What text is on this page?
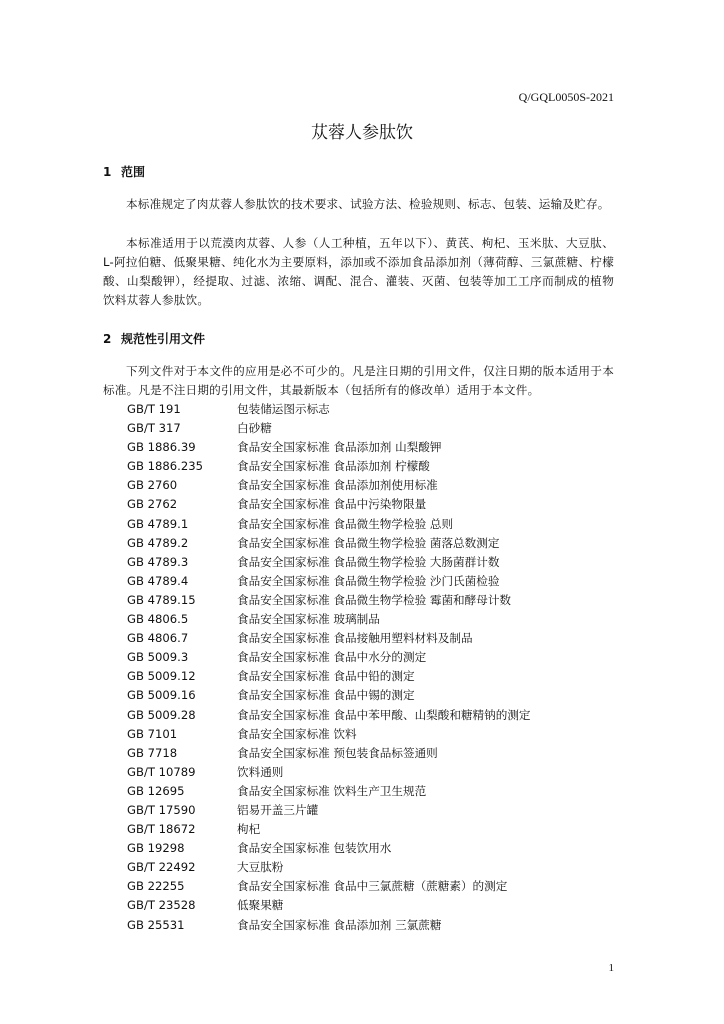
Q/GQL0050S-2021
苁蓉人参肽饮
1 范围
本标准规定了肉苁蓉人参肽饮的技术要求、试验方法、检验规则、标志、包装、运输及贮存。
本标准适用于以荒漠肉苁蓉、人参（人工种植，五年以下）、黄芪、枸杞、玉米肽、大豆肽、L-阿拉伯糖、低聚果糖、纯化水为主要原料，添加或不添加食品添加剂（薄荷醇、三氯蔗糖、柠檬酸、山梨酸钾），经提取、过滤、浓缩、调配、混合、灌装、灭菌、包装等加工工序而制成的植物饮料苁蓉人参肽饮。
2 规范性引用文件
下列文件对于本文件的应用是必不可少的。凡是注日期的引用文件，仅注日期的版本适用于本标准。凡是不注日期的引用文件，其最新版本（包括所有的修改单）适用于本文件。
GB/T 191	包装储运图示标志
GB/T 317	白砂糖
GB 1886.39	食品安全国家标准 食品添加剂 山梨酸钾
GB 1886.235	食品安全国家标准 食品添加剂 柠檬酸
GB 2760	食品安全国家标准 食品添加剂使用标准
GB 2762	食品安全国家标准 食品中污染物限量
GB 4789.1	食品安全国家标准 食品微生物学检验 总则
GB 4789.2	食品安全国家标准 食品微生物学检验 菌落总数测定
GB 4789.3	食品安全国家标准 食品微生物学检验 大肠菌群计数
GB 4789.4	食品安全国家标准 食品微生物学检验 沙门氏菌检验
GB 4789.15	食品安全国家标准 食品微生物学检验 霉菌和酵母计数
GB 4806.5	食品安全国家标准 玻璃制品
GB 4806.7	食品安全国家标准 食品接触用塑料材料及制品
GB 5009.3	食品安全国家标准 食品中水分的测定
GB 5009.12	食品安全国家标准 食品中铅的测定
GB 5009.16	食品安全国家标准 食品中锡的测定
GB 5009.28	食品安全国家标准 食品中苯甲酸、山梨酸和糖精钠的测定
GB 7101	食品安全国家标准 饮料
GB 7718	食品安全国家标准 预包装食品标签通则
GB/T 10789	饮料通则
GB 12695	食品安全国家标准 饮料生产卫生规范
GB/T 17590	铝易开盖三片罐
GB/T 18672	枸杞
GB 19298	食品安全国家标准 包装饮用水
GB/T 22492	大豆肽粉
GB 22255	食品安全国家标准 食品中三氯蔗糖（蔗糖素）的测定
GB/T 23528	低聚果糖
GB 25531	食品安全国家标准 食品添加剂 三氯蔗糖
1
